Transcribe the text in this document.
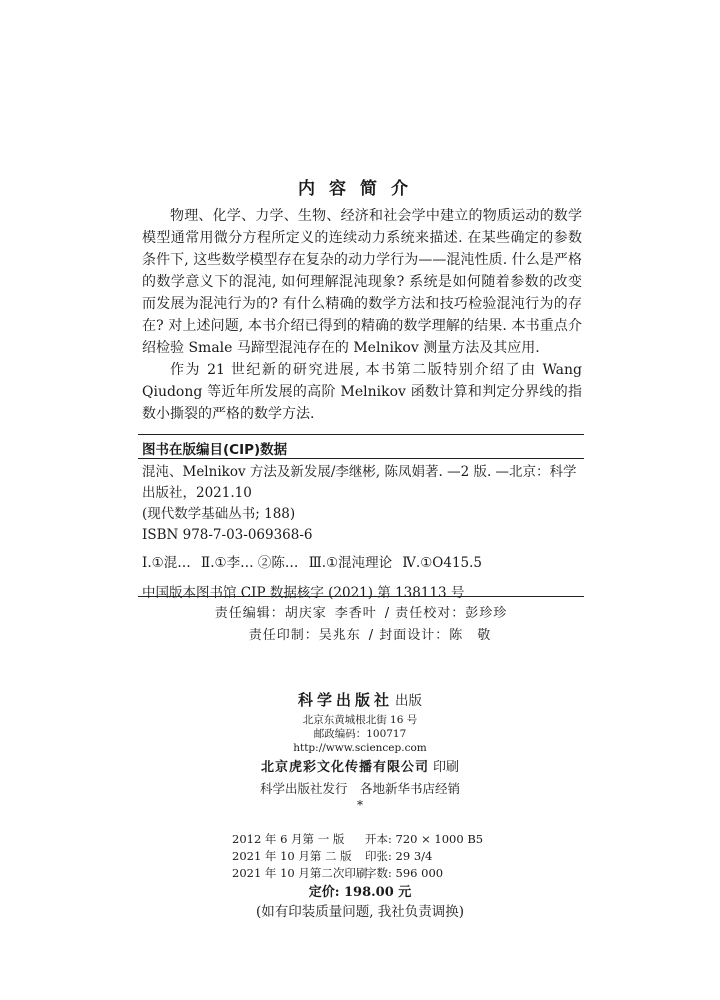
内容简介

物理、化学、力学、生物、经济和社会学中建立的物质运动的数学模型通常用微分方程所定义的连续动力系统来描述. 在某些确定的参数条件下, 这些数学模型存在复杂的动力学行为——混沌性质. 什么是严格的数学意义下的混沌, 如何理解混沌现象? 系统是如何随着参数的改变而发展为混沌行为的? 有什么精确的数学方法和技巧检验混沌行为的存在? 对上述问题, 本书介绍已得到的精确的数学理解的结果. 本书重点介绍检验 Smale 马蹄型混沌存在的 Melnikov 测量方法及其应用.

作为 21 世纪新的研究进展, 本书第二版特别介绍了由 Wang Qiudong 等近年所发展的高阶 Melnikov 函数计算和判定分界线的指数小撕裂的严格的数学方法.

图书在版编目(CIP)数据
混沌、Melnikov 方法及新发展/李继彬, 陈凤娟著. —2 版. —北京：科学出版社，2021.10
(现代数学基础丛书; 188)
ISBN 978-7-03-069368-6
Ⅰ.①混… Ⅱ.①李… ②陈… Ⅲ.①混沌理论 Ⅳ.①O415.5
中国版本图书馆 CIP 数据核字 (2021) 第 138113 号
责任编辑：胡庆家 李香叶 / 责任校对：彭珍珍
责任印制：吴兆东 / 封面设计：陈　敬
科学出版社 出版
北京东黄城根北街 16 号
邮政编码：100717
http://www.sciencep.com
北京虎彩文化传播有限公司 印刷
科学出版社发行　各地新华书店经销
*
2012 年 6 月第 一 版 开本: 720 × 1000 B5
2021 年 10 月第 二 版 印张: 29 3/4
2021 年 10 月第二次印刷字数: 596 000
定价: 198.00 元
(如有印装质量问题, 我社负责调换)
